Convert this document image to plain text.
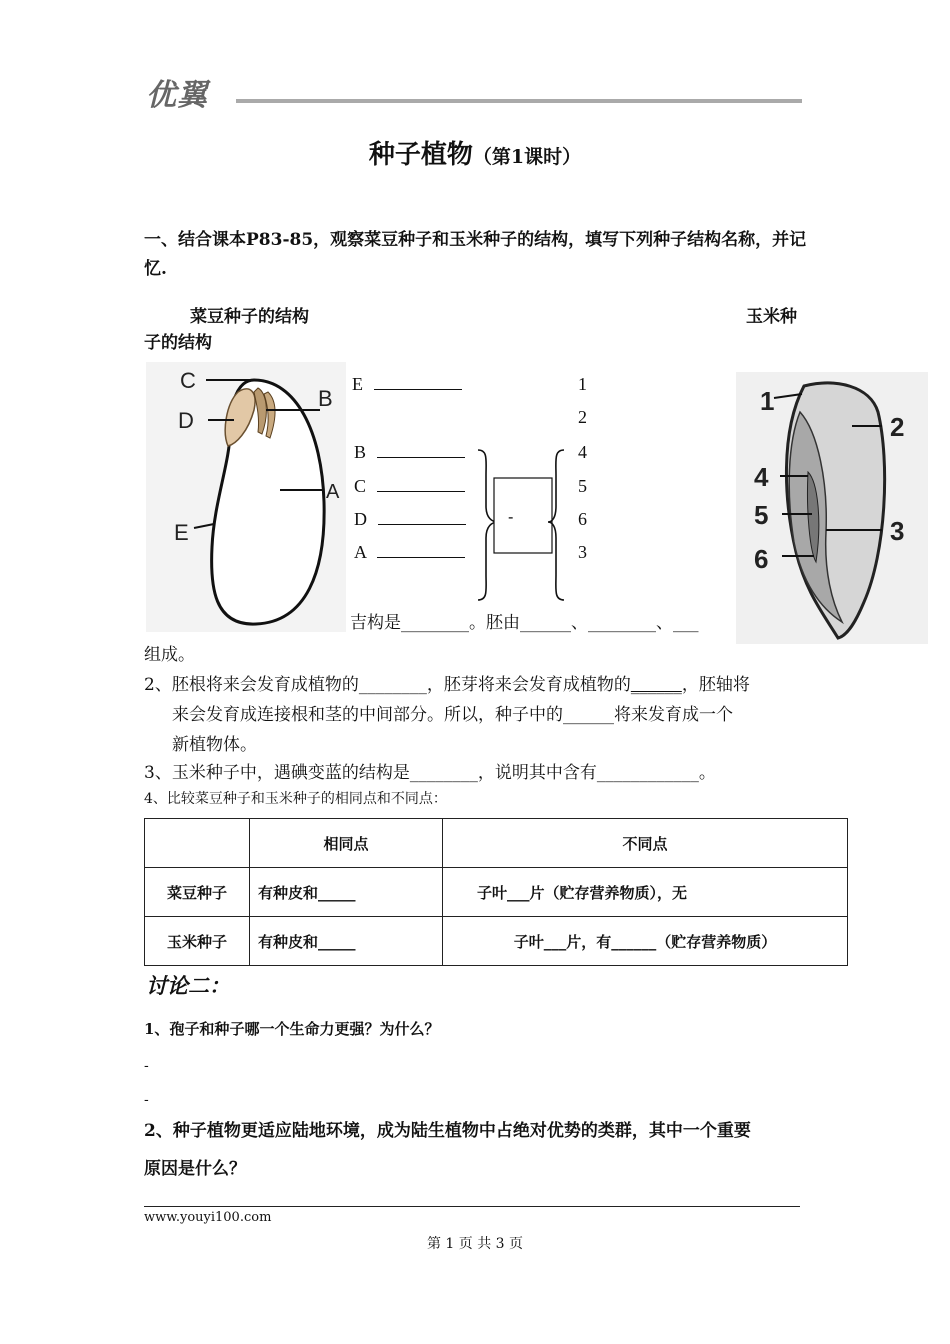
优翼
种子植物（第1课时）
一、结合课本P83-85，观察菜豆种子和玉米种子的结构，填写下列种子结构名称，并记忆.
菜豆种子的结构	玉米种
子的结构
C
D
B
A
E
E
B
C
D
A
-
1
2
4
5
6
3
1
2
4
5
3
6
吉构是________。胚由______、________、___
组成。
2、胚根将来会发育成植物的________，胚芽将来会发育成植物的______，胚轴将
来会发育成连接根和茎的中间部分。所以，种子中的______将来发育成一个
新植物体。
3、玉米种子中，遇碘变蓝的结构是________，说明其中含有____________。
4、比较菜豆种子和玉米种子的相同点和不同点：
	相同点	不同点
菜豆种子	有种皮和_____	子叶___片（贮存营养物质），无
玉米种子	有种皮和_____	子叶___片，有______（贮存营养物质）
讨论二：
1、孢子和种子哪一个生命力更强？为什么？
-
-
2、种子植物更适应陆地环境，成为陆生植物中占绝对优势的类群，其中一个重要
原因是什么？
www.youyi100.com
第 1 页 共 3 页
